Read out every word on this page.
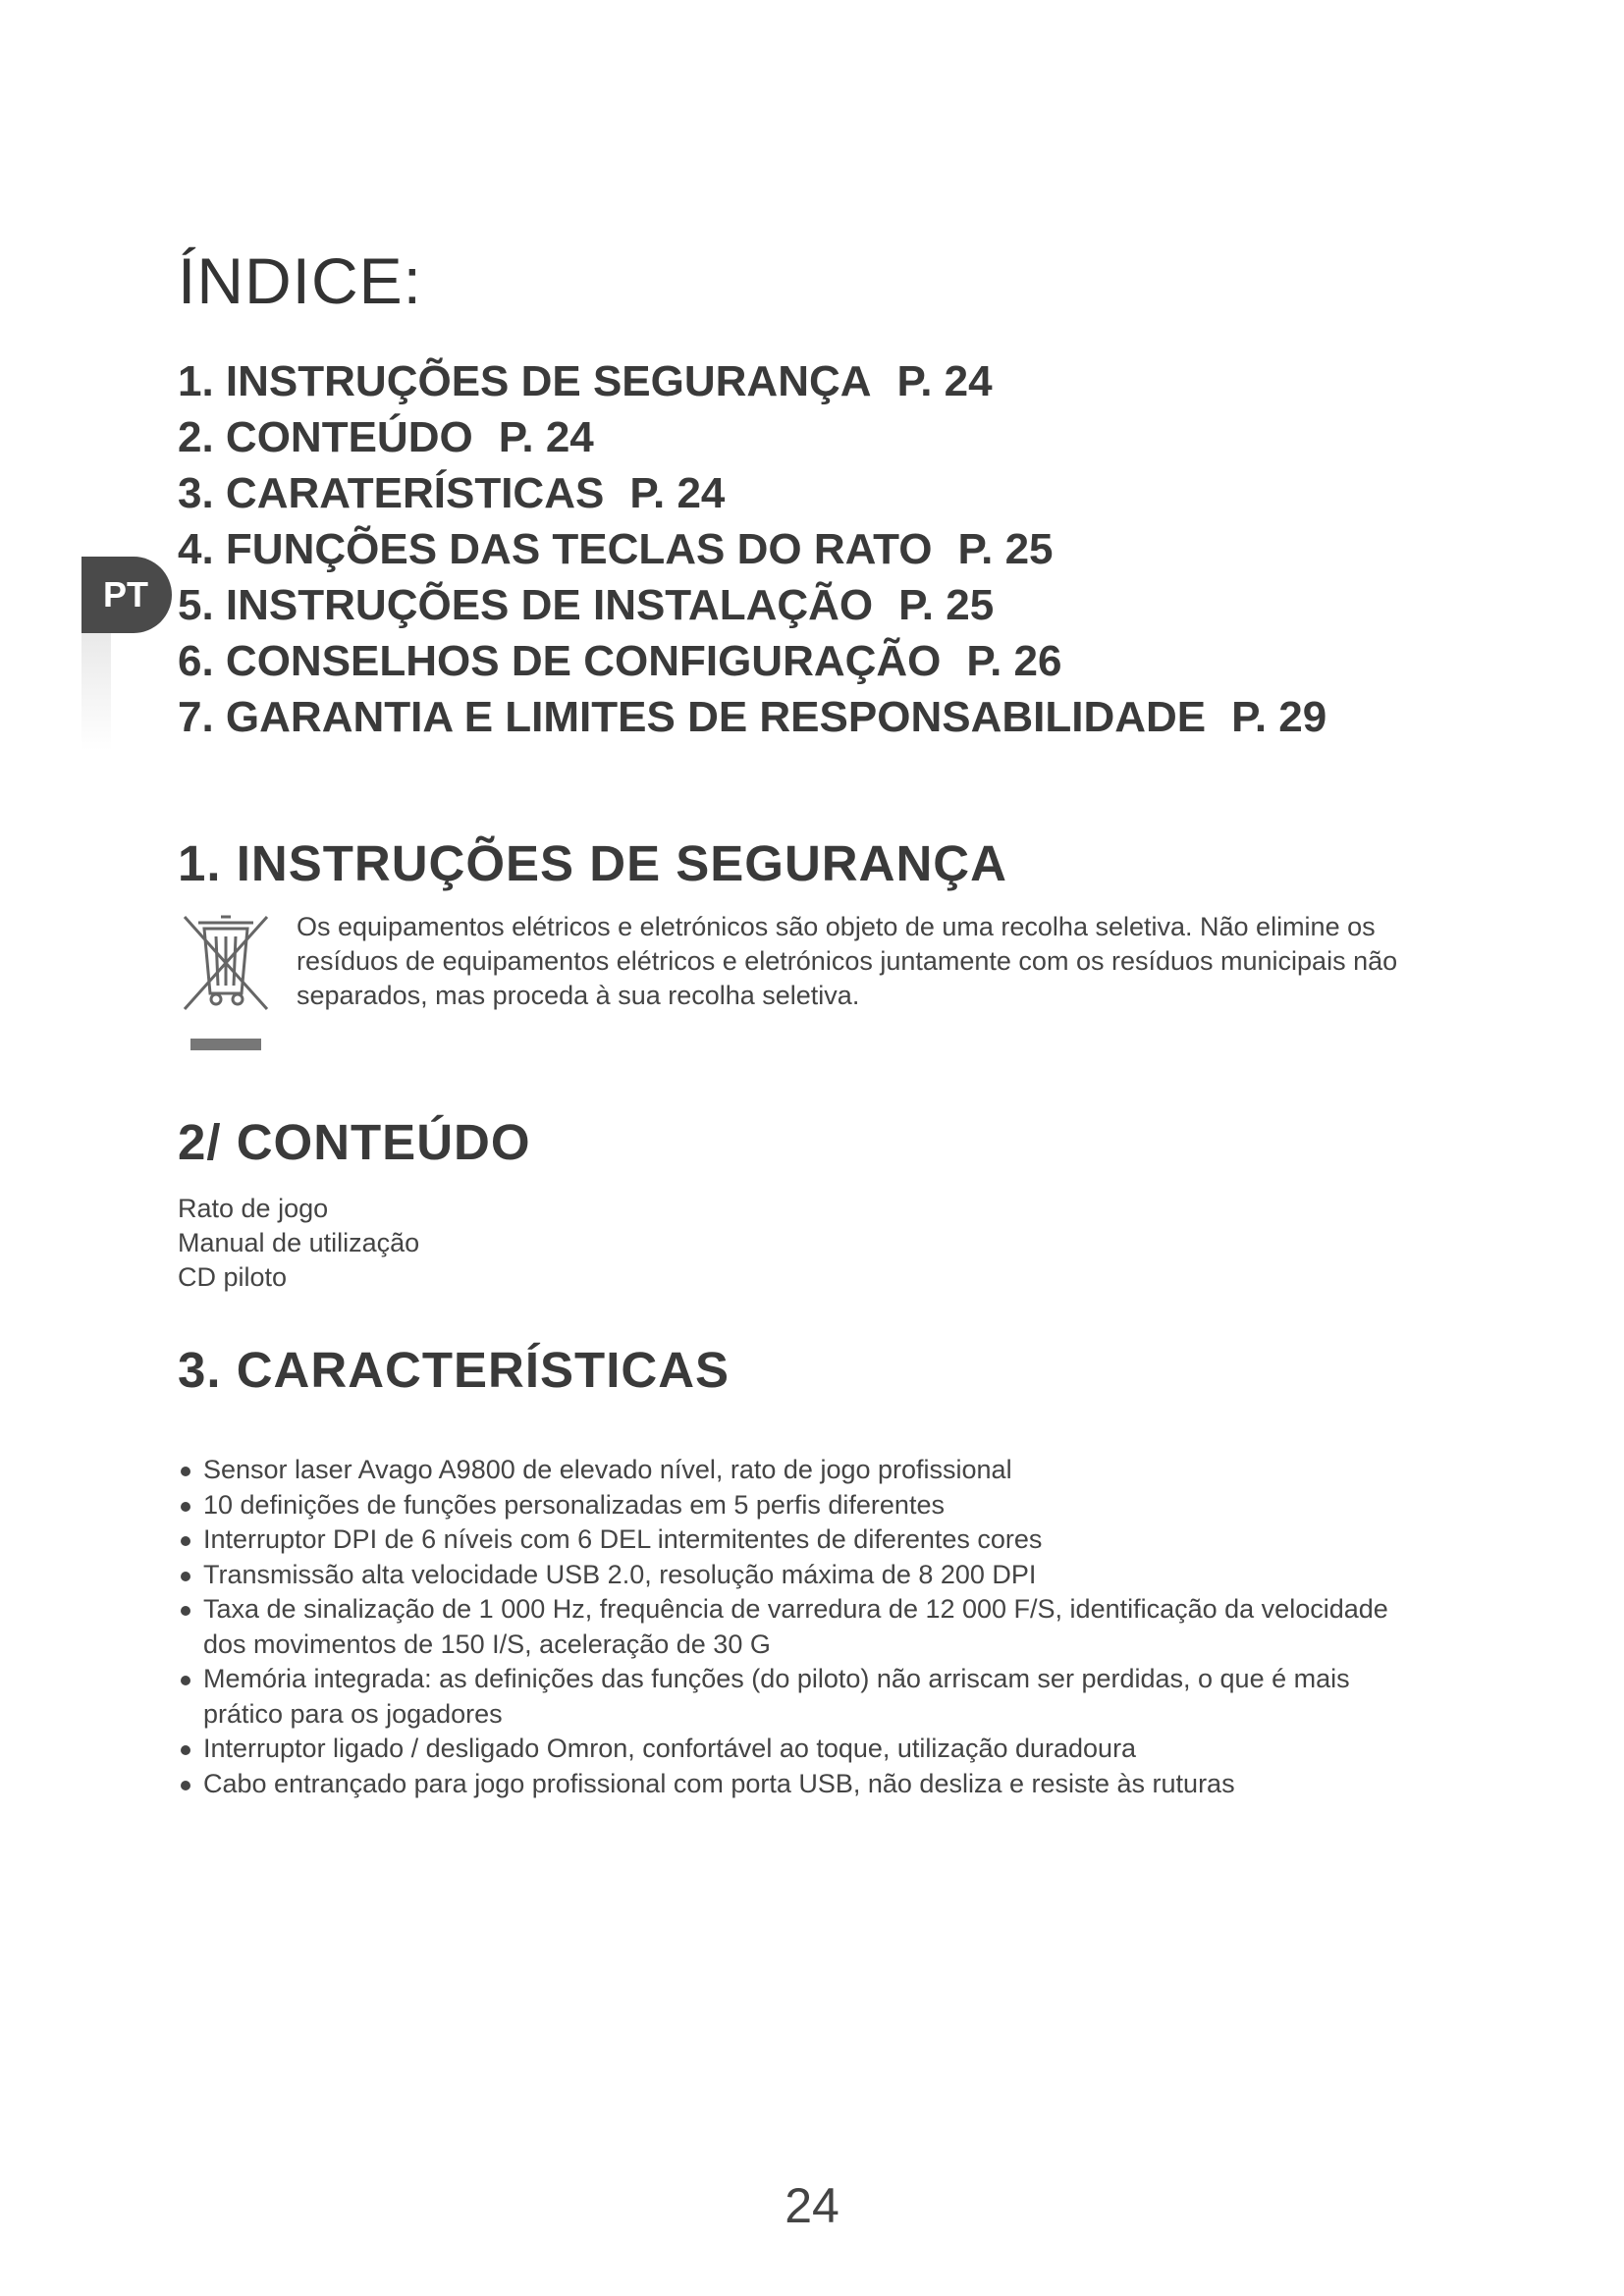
ÍNDICE:
1. INSTRUÇÕES DE SEGURANÇA P. 24
2. CONTEÚDO P. 24
3. CARATERÍSTICAS P. 24
4. FUNÇÕES DAS TECLAS DO RATO P. 25
5. INSTRUÇÕES DE INSTALAÇÃO P. 25
6. CONSELHOS DE CONFIGURAÇÃO P. 26
7. GARANTIA E LIMITES DE RESPONSABILIDADE P. 29
PT
1. INSTRUÇÕES DE SEGURANÇA

Os equipamentos elétricos e eletrónicos são objeto de uma recolha seletiva. Não elimine os resíduos de equipamentos elétricos e eletrónicos juntamente com os resíduos municipais não separados, mas proceda à sua recolha seletiva.

2/ CONTEÚDO
Rato de jogo
Manual de utilização
CD piloto
3. CARACTERÍSTICAS
Sensor laser Avago A9800 de elevado nível, rato de jogo profissional
10 definições de funções personalizadas em 5 perfis diferentes
Interruptor DPI de 6 níveis com 6 DEL intermitentes de diferentes cores
Transmissão alta velocidade USB 2.0, resolução máxima de 8 200 DPI
Taxa de sinalização de 1 000 Hz, frequência de varredura de 12 000 F/S, identificação da velocidade dos movimentos de 150 I/S, aceleração de 30 G
Memória integrada: as definições das funções (do piloto) não arriscam ser perdidas, o que é mais prático para os jogadores
Interruptor ligado / desligado Omron, confortável ao toque, utilização duradoura
Cabo entrançado para jogo profissional com porta USB, não desliza e resiste às ruturas

24
